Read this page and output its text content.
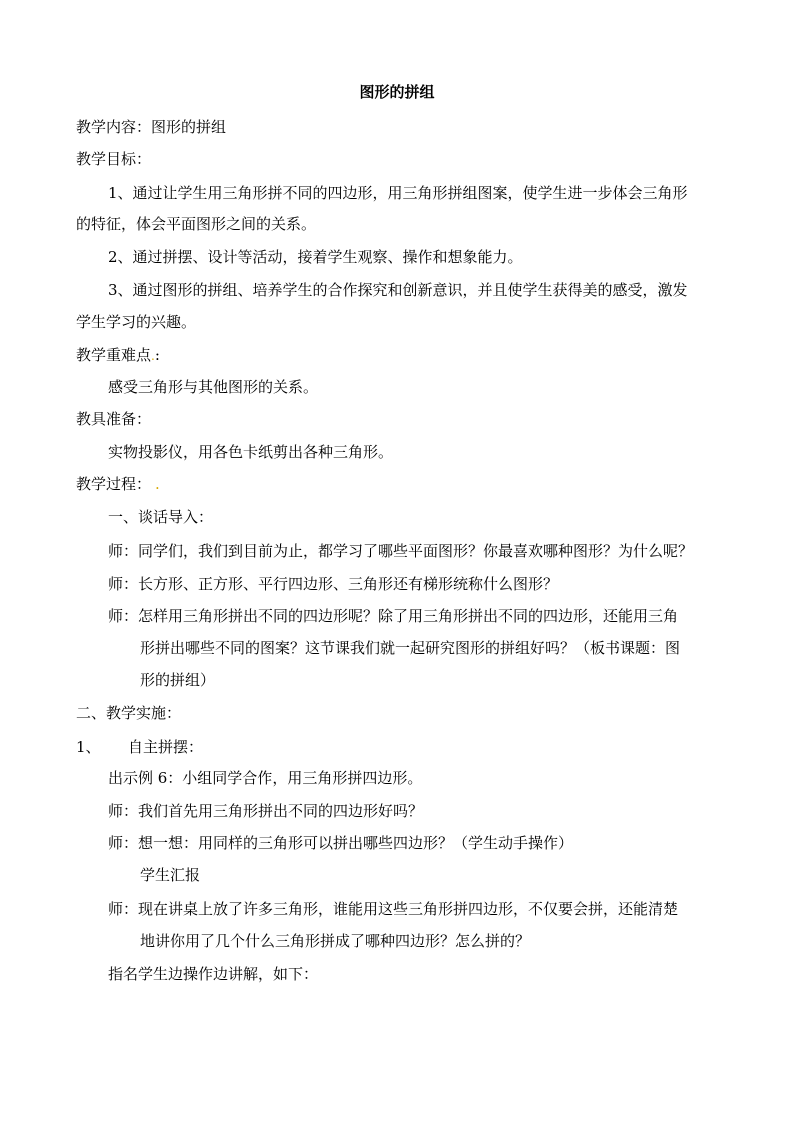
图形的拼组
教学内容：图形的拼组
教学目标：
1、通过让学生用三角形拼不同的四边形，用三角形拼组图案，使学生进一步体会三角形
的特征，体会平面图形之间的关系。
2、通过拼摆、设计等活动，接着学生观察、操作和想象能力。
3、通过图形的拼组、培养学生的合作探究和创新意识，并且使学生获得美的感受，激发
学生学习的兴趣。
教学重难点.:
感受三角形与其他图形的关系。
教具准备：
实物投影仪，用各色卡纸剪出各种三角形。
教学过程： .
一、谈话导入：
师：同学们，我们到目前为止，都学习了哪些平面图形？你最喜欢哪种图形？为什么呢？
师：长方形、正方形、平行四边形、三角形还有梯形统称什么图形？
师：怎样用三角形拼出不同的四边形呢？除了用三角形拼出不同的四边形，还能用三角
形拼出哪些不同的图案？这节课我们就一起研究图形的拼组好吗？（板书课题：图
形的拼组）
二、教学实施：
1、 自主拼摆：
出示例 6：小组同学合作，用三角形拼四边形。
师：我们首先用三角形拼出不同的四边形好吗？
师：想一想：用同样的三角形可以拼出哪些四边形？（学生动手操作）
学生汇报
师：现在讲桌上放了许多三角形，谁能用这些三角形拼四边形，不仅要会拼，还能清楚
地讲你用了几个什么三角形拼成了哪种四边形？怎么拼的？
指名学生边操作边讲解，如下：
